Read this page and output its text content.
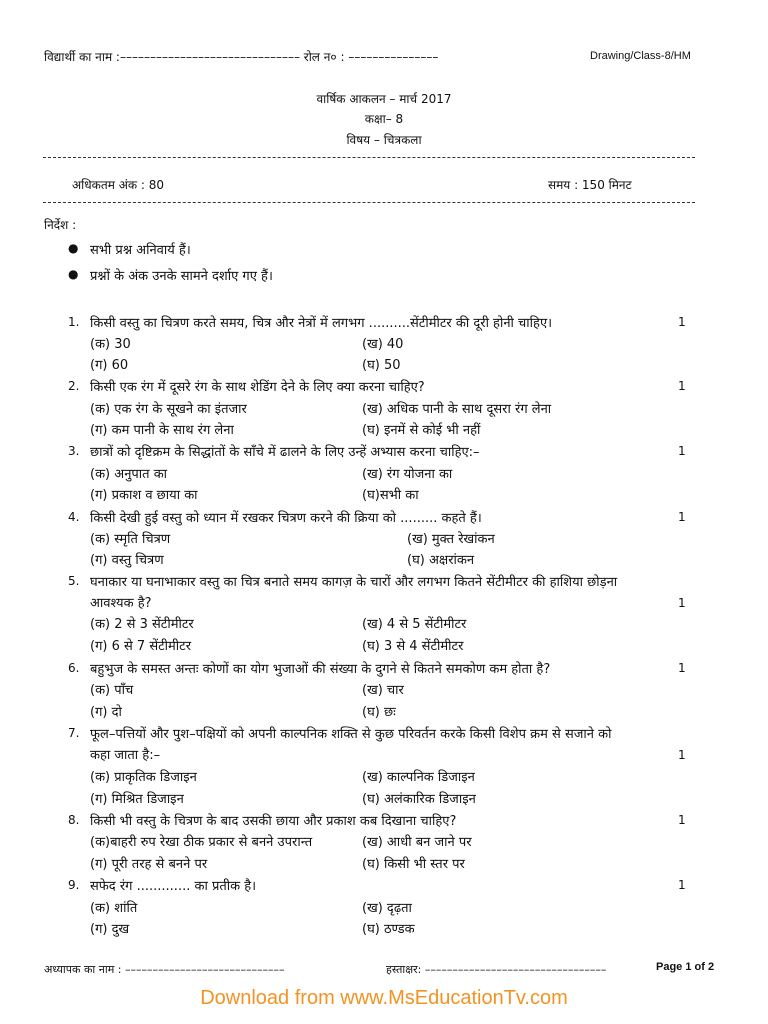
विद्यार्थी का नाम :–––––––––––––––––––––––––––––– रोल न० : –––––––––––––––	Drawing/Class-8/HM
वार्षिक आकलन – मार्च 2017
कक्षा– 8
विषय – चित्रकला
अधिकतम अंक : 80	समय : 150 मिनट
निर्देश :
● सभी प्रश्न अनिवार्य हैं।
● प्रश्नों के अंक उनके सामने दर्शाए गए हैं।
1. किसी वस्तु का चित्रण करते समय, चित्र और नेत्रों में लगभग ..........सेंटीमीटर की दूरी होनी चाहिए।	1
(क) 30	(ख) 40
(ग) 60	(घ) 50
2. किसी एक रंग में दूसरे रंग के साथ शेडिंग देने के लिए क्या करना चाहिए?	1
(क) एक रंग के सूखने का इंतजार	(ख) अधिक पानी के साथ दूसरा रंग लेना
(ग) कम पानी के साथ रंग लेना	(घ) इनमें से कोई भी नहीं
3. छात्रों को दृष्टिक्रम के सिद्धांतों के साँचे में ढालने के लिए उन्हें अभ्यास करना चाहिए:–	1
(क) अनुपात का	(ख) रंग योजना का
(ग) प्रकाश व छाया का	(घ)सभी का
4. किसी देखी हुई वस्तु को ध्यान में रखकर चित्रण करने की क्रिया को ......... कहते हैं।	1
(क) स्मृति चित्रण	(ख) मुक्त रेखांकन
(ग) वस्तु चित्रण	(घ) अक्षरांकन
5. घनाकार या घनाभाकार वस्तु का चित्र बनाते समय कागज़ के चारों और लगभग कितने सेंटीमीटर की हाशिया छोड़ना
आवश्यक है?	1
(क) 2 से 3 सेंटीमीटर	(ख) 4 से 5 सेंटीमीटर
(ग) 6 से 7 सेंटीमीटर	(घ) 3 से 4 सेंटीमीटर
6. बहुभुज के समस्त अन्तः कोणों का योग भुजाओं की संख्या के दुगने से कितने समकोण कम होता है?	1
(क) पाँच	(ख) चार
(ग) दो	(घ) छः
7. फूल–पत्तियों और पुश–पक्षियों को अपनी काल्पनिक शक्ति से कुछ परिवर्तन करके किसी विशेप क्रम से सजाने को
कहा जाता है:–	1
(क) प्राकृतिक डिजाइन	(ख) काल्पनिक डिजाइन
(ग) मिश्रित डिजाइन	(घ) अलंकारिक डिजाइन
8. किसी भी वस्तु के चित्रण के बाद उसकी छाया और प्रकाश कब दिखाना चाहिए?	1
(क)बाहरी रुप रेखा ठीक प्रकार से बनने उपरान्त	(ख) आधी बन जाने पर
(ग) पूरी तरह से बनने पर	(घ) किसी भी स्तर पर
9. सफेद रंग ............. का प्रतीक है।	1
(क) शांति	(ख) दृढ़ता
(ग) दुख	(घ) ठण्डक
अध्यापक का नाम : –––––––––––––––––––––––––––––	हस्ताक्षर: –––––––––––––––––––––––––––––––––	Page 1 of 2
Download from www.MsEducationTv.com
